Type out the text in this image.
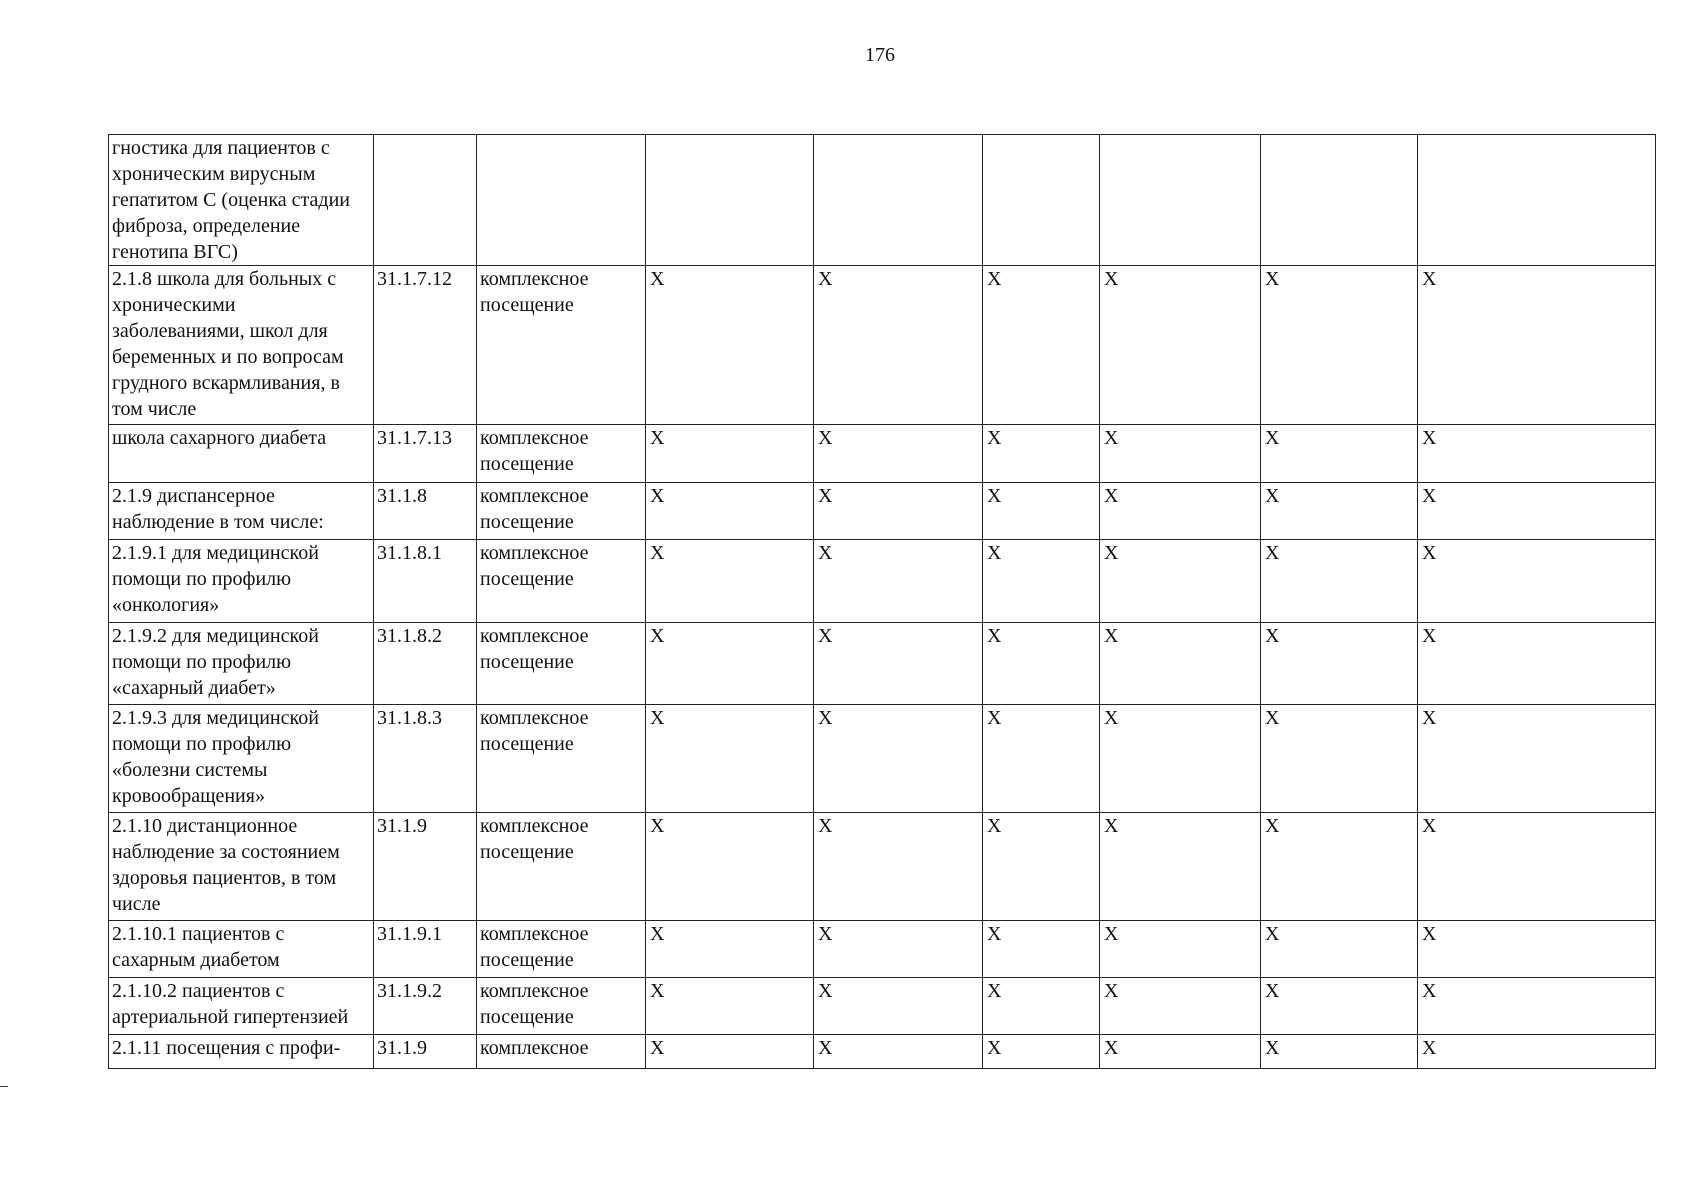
176
гностика для пациентов с хроническим вирусным гепатитом С (оценка стадии фиброза, определение генотипа ВГС)								
2.1.8 школа для больных с хроническими заболеваниями, школ для беременных и по вопросам грудного вскармливания, в том числе	31.1.7.12	комплексное посещение	X	X	X	X	X	X
школа сахарного диабета	31.1.7.13	комплексное посещение	X	X	X	X	X	X
2.1.9 диспансерное наблюдение в том числе:	31.1.8	комплексное посещение	X	X	X	X	X	X
2.1.9.1 для медицинской помощи по профилю «онкология»	31.1.8.1	комплексное посещение	X	X	X	X	X	X
2.1.9.2 для медицинской помощи по профилю «сахарный диабет»	31.1.8.2	комплексное посещение	X	X	X	X	X	X
2.1.9.3 для медицинской помощи по профилю «болезни системы кровообращения»	31.1.8.3	комплексное посещение	X	X	X	X	X	X
2.1.10 дистанционное наблюдение за состоянием здоровья пациентов, в том числе	31.1.9	комплексное посещение	X	X	X	X	X	X
2.1.10.1 пациентов с сахарным диабетом	31.1.9.1	комплексное посещение	X	X	X	X	X	X
2.1.10.2 пациентов с артериальной гипертензией	31.1.9.2	комплексное посещение	X	X	X	X	X	X
2.1.11 посещения с профи-	31.1.9	комплексное	X	X	X	X	X	X
